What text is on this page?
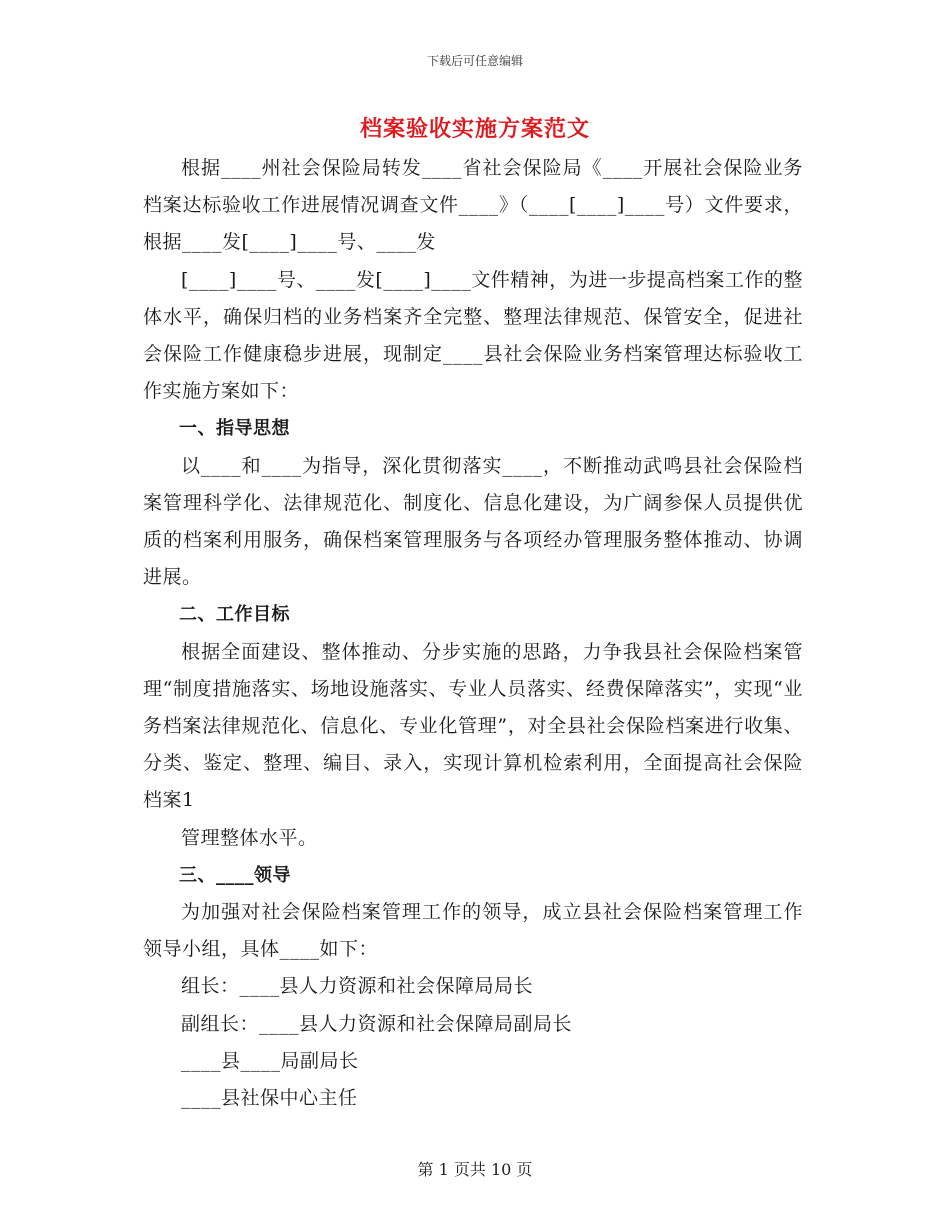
下载后可任意编辑
档案验收实施方案范文

根据____州社会保险局转发____省社会保险局《____开展社会保险业务档案达标验收工作进展情况调查文件____》（____[____]____号）文件要求，根据____发[____]____号、____发

[____]____号、____发[____]____文件精神，为进一步提高档案工作的整体水平，确保归档的业务档案齐全完整、整理法律规范、保管安全，促进社会保险工作健康稳步进展，现制定____县社会保险业务档案管理达标验收工作实施方案如下：

一、指导思想

以____和____为指导，深化贯彻落实____，不断推动武鸣县社会保险档案管理科学化、法律规范化、制度化、信息化建设，为广阔参保人员提供优质的档案利用服务，确保档案管理服务与各项经办管理服务整体推动、协调进展。

二、工作目标

根据全面建设、整体推动、分步实施的思路，力争我县社会保险档案管理“制度措施落实、场地设施落实、专业人员落实、经费保障落实”，实现“业务档案法律规范化、信息化、专业化管理”，对全县社会保险档案进行收集、分类、鉴定、整理、编目、录入，实现计算机检索利用，全面提高社会保险档案1

管理整体水平。

三、____领导

为加强对社会保险档案管理工作的领导，成立县社会保险档案管理工作领导小组，具体____如下：

组长：____县人力资源和社会保障局局长

副组长：____县人力资源和社会保障局副局长

____县____局副局长

____县社保中心主任

第 1 页共 10 页
